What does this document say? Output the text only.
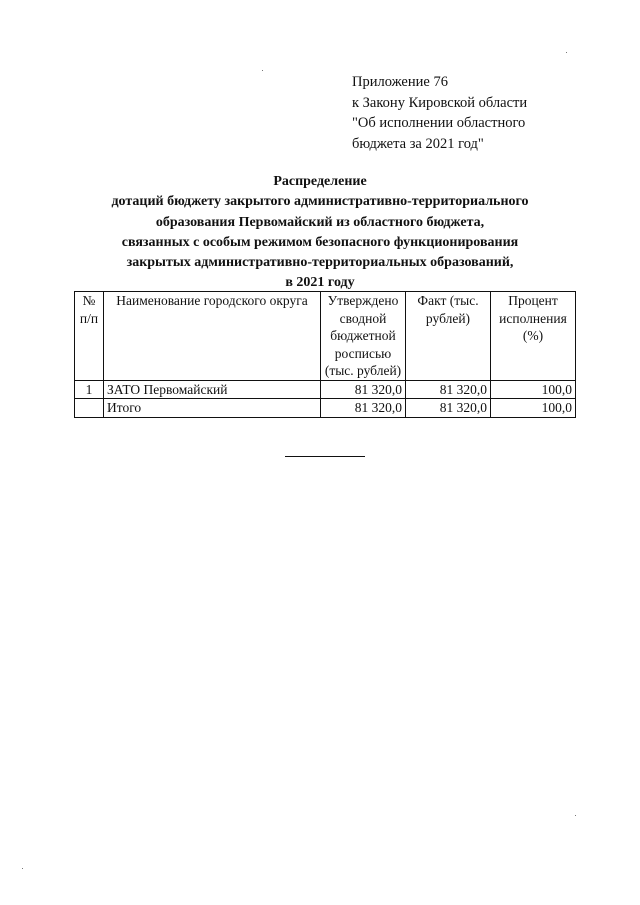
Приложение 76
к Закону Кировской области
"Об исполнении областного
бюджета за 2021 год"
Распределение
дотаций бюджету закрытого административно-территориального
образования Первомайский из областного бюджета,
связанных с особым режимом безопасного функционирования
закрытых административно-территориальных образований,
в 2021 году
№ п/п	Наименование городского округа	Утверждено сводной бюджетной росписью (тыс. рублей)	Факт (тыс. рублей)	Процент исполнения (%)
1	ЗАТО Первомайский	81 320,0	81 320,0	100,0
	Итого	81 320,0	81 320,0	100,0
